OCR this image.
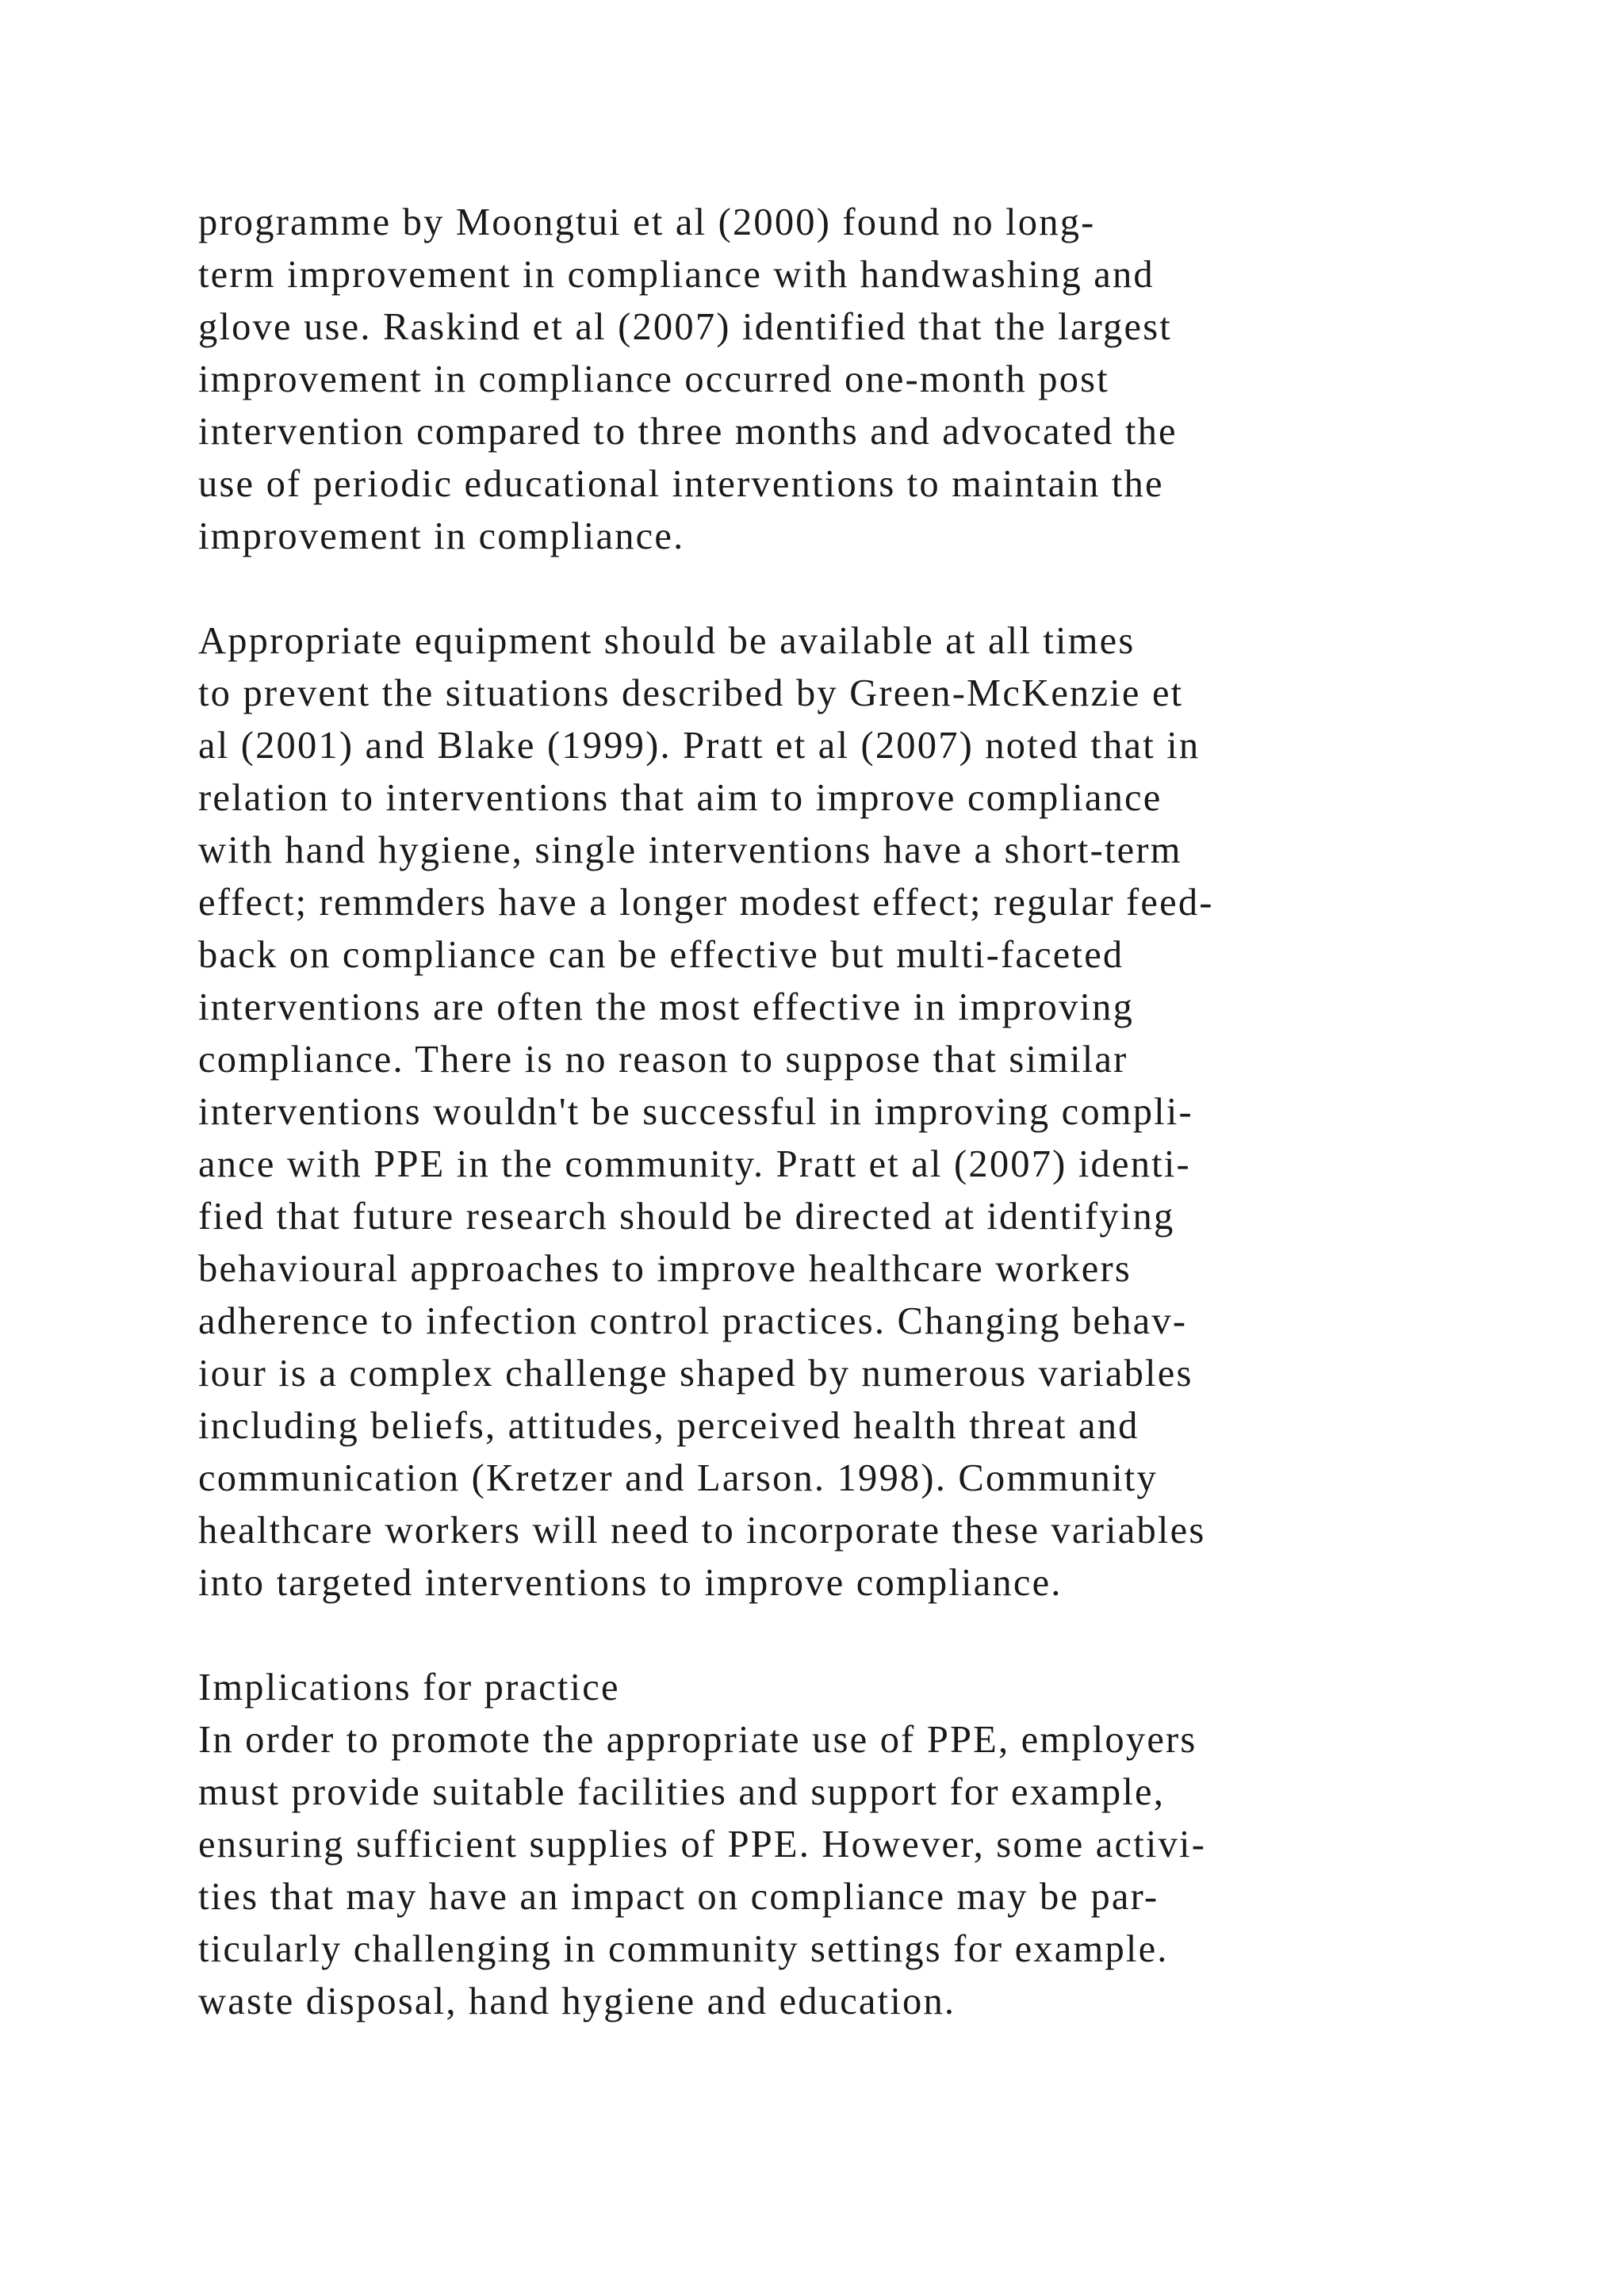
programme by Moongtui et al (2000) found no long-
term improvement in compliance with handwashing and
glove use. Raskind et al (2007) identified that the largest
improvement in compliance occurred one-month post
intervention compared to three months and advocated the
use of periodic educational interventions to maintain the
improvement in compliance.
Appropriate equipment should be available at all times
to prevent the situations described by Green-McKenzie et
al (2001) and Blake (1999). Pratt et al (2007) noted that in
relation to interventions that aim to improve compliance
with hand hygiene, single interventions have a short-term
effect; remmders have a longer modest effect; regular feed-
back on compliance can be effective but multi-faceted
interventions are often the most effective in improving
compliance. There is no reason to suppose that similar
interventions wouldn't be successful in improving compli-
ance with PPE in the community. Pratt et al (2007) identi-
fied that future research should be directed at identifying
behavioural approaches to improve healthcare workers
adherence to infection control practices. Changing behav-
iour is a complex challenge shaped by numerous variables
including beliefs, attitudes, perceived health threat and
communication (Kretzer and Larson. 1998). Community
healthcare workers will need to incorporate these variables
into targeted interventions to improve compliance.
Implications for practice
In order to promote the appropriate use of PPE, employers
must provide suitable facilities and support for example,
ensuring sufficient supplies of PPE. However, some activi-
ties that may have an impact on compliance may be par-
ticularly challenging in community settings for example.
waste disposal, hand hygiene and education.
